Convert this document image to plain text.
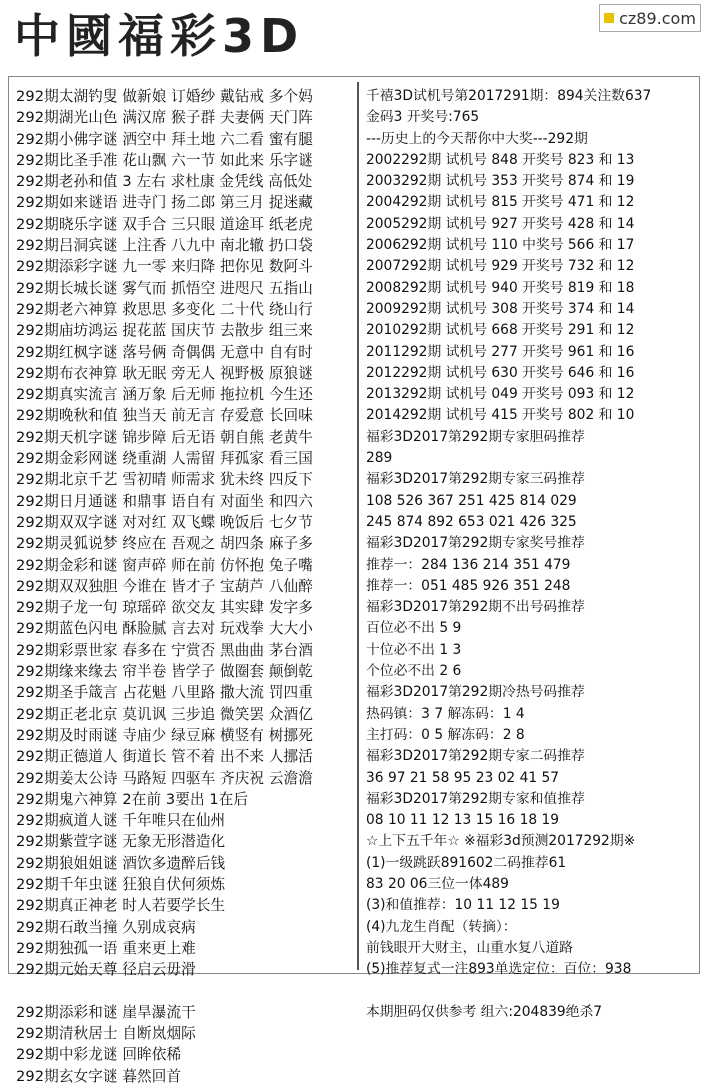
中國福彩3D	cz89.com
292期太湖钓叟 做新娘 订婚纱 戴钻戒 多个妈
292期湖光山色 满汉席 猴子群 夫妻俩 天门阵
292期小佛字谜 洒空中 拜土地 六二看 蜜有腿
292期比圣手准 花山飘 六一节 如此来 乐字谜
292期老孙和值 3 左右 求杜康 金凭线 高低处
292期如来谜语 进寺门 扬二郎 第三月 捉迷藏
292期晓乐字谜 双手合 三只眼 道途耳 纸老虎
292期吕洞宾谜 上注香 八九中 南北辙 扔口袋
292期添彩字谜 九一零 来归降 把你见 数阿斗
292期长城长谜 雾气而 抓悟空 进咫尺 五指山
292期老六神算 救思思 多变化 二十代 绕山行
292期庙坊鸿运 捉花蓝 国庆节 去散步 组三来
292期红枫字谜 落号俩 奇偶偶 无意中 自有时
292期布衣神算 耿无眠 旁无人 视野极 原狼谜
292期真实流言 涵万象 后无师 拖拉机 今生还
292期晚秋和值 独当天 前无言 存爱意 长回味
292期天机字谜 锦步障 后无语 朝自熊 老黄牛
292期金彩网谜 绕重湖 人需留 拜孤家 看三国
292期北京千艺 雪初晴 师需求 犹未终 四反下
292期日月通谜 和鼎事 语自有 对面坐 和四六
292期双双字谜 对对红 双飞蝶 晚饭后 七夕节
292期灵狐说梦 终应在 吾观之 胡四条 麻子多
292期金彩和谜 窗声碎 师在前 仿怀抱 兔子嘴
292期双双独胆 今谁在 皆才子 宝葫芦 八仙醉
292期子龙一句 琼瑶碎 欲交友 其实肆 发字多
292期蓝色闪电 酥脸腻 言去对 玩戏拳 大大小
292期彩票世家 春多在 宁赏否 黑曲曲 茅台酒
292期缘来缘去 帘半卷 皆学子 做圈套 颠倒乾
292期圣手箴言 占花魁 八里路 撒大流 罚四重
292期正老北京 莫讥讽 三步追 微笑罢 众酒亿
292期及时雨谜 寺庙少 绿豆麻 横竖有 树挪死
292期正德道人 街道长 管不着 出不来 人挪活
292期姜太公诗 马路短 四驱车 齐庆祝 云澹澹
292期鬼六神算 2在前 3要出 1在后
292期疯道人谜 千年唯只在仙州
292期紫萱字谜 无象无形潜造化
292期狼姐姐谜 酒饮多遗醉后钱
292期千年虫谜 狂狼自伏何须炼
292期真正神老 时人若要学长生
292期石敢当撞 久别成哀病
292期独孤一语 重来更上难
292期元始天尊 径启云毋滑
292期添彩和谜 崖旱瀑流干
292期清秋居士 自断岚烟际
292期中彩龙谜 回眸依稀
292期玄女字谜 暮然回首
千禧3D试机号第2017291期：894关注数637
金码3 开奖号:765
---历史上的今天帮你中大奖---292期
2002292期 试机号 848 开奖号 823 和 13
2003292期 试机号 353 开奖号 874 和 19
2004292期 试机号 815 开奖号 471 和 12
2005292期 试机号 927 开奖号 428 和 14
2006292期 试机号 110 中奖号 566 和 17
2007292期 试机号 929 开奖号 732 和 12
2008292期 试机号 940 开奖号 819 和 18
2009292期 试机号 308 开奖号 374 和 14
2010292期 试机号 668 开奖号 291 和 12
2011292期 试机号 277 开奖号 961 和 16
2012292期 试机号 630 开奖号 646 和 16
2013292期 试机号 049 开奖号 093 和 12
2014292期 试机号 415 开奖号 802 和 10
福彩3D2017第292期专家胆码推荐
289
福彩3D2017第292期专家三码推荐
108 526 367 251 425 814 029
245 874 892 653 021 426 325
福彩3D2017第292期专家奖号推荐
推荐一：284 136 214 351 479
推荐一：051 485 926 351 248
福彩3D2017第292期不出号码推荐
百位必不出 5 9
十位必不出 1 3
个位必不出 2 6
福彩3D2017第292期冷热号码推荐
热码镇：3 7 解冻码：1 4
主打码：0 5 解冻码：2 8
福彩3D2017第292期专家二码推荐
36 97 21 58 95 23 02 41 57
福彩3D2017第292期专家和值推荐
08 10 11 12 13 15 16 18 19
☆上下五千年☆ ※福彩3d预测2017292期※
(1)一级跳跃891602二码推荐61
83 20 06三位一体489
(3)和值推荐：10 11 12 15 19
(4)九龙生肖配（转摘）：
前钱眼开大财主，山重水复八道路
(5)推荐复式一注893单选定位：百位：938
本期胆码仅供参考 组六:204839绝杀7
